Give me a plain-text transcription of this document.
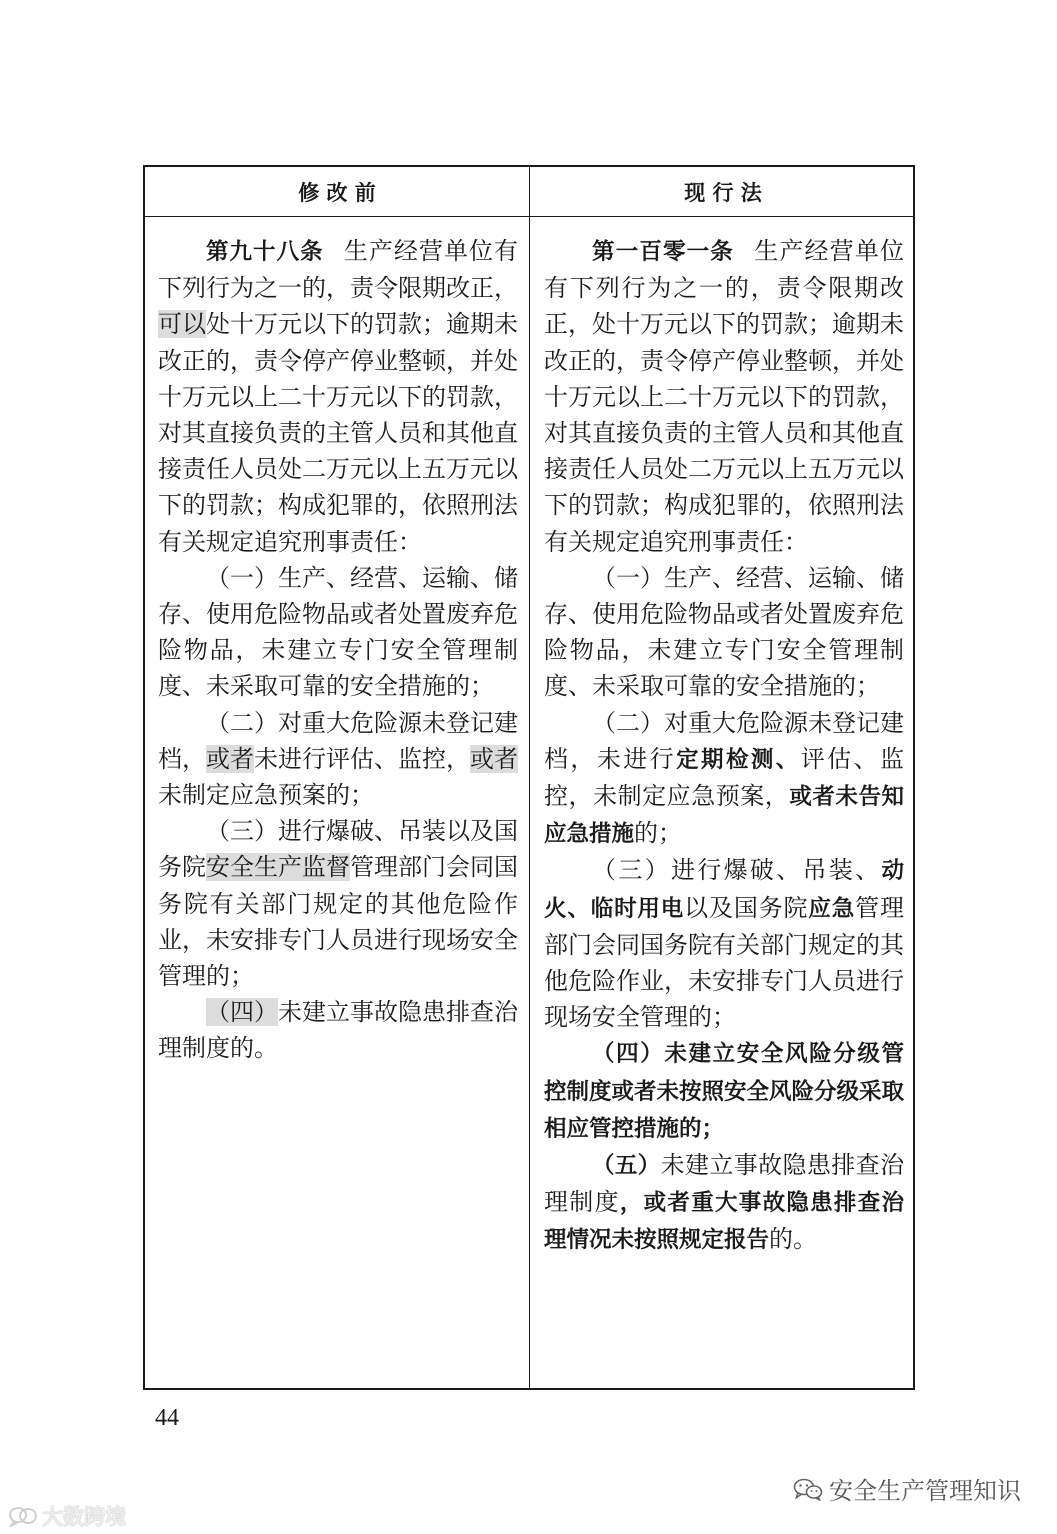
修 改 前	现 行 法

第九十八条 生产经营单位有下列行为之一的，责令限期改正，可以处十万元以下的罚款；逾期未改正的，责令停产停业整顿，并处十万元以上二十万元以下的罚款，对其直接负责的主管人员和其他直接责任人员处二万元以上五万元以下的罚款；构成犯罪的，依照刑法有关规定追究刑事责任：

（一）生产、经营、运输、储存、使用危险物品或者处置废弃危险物品，未建立专门安全管理制度、未采取可靠的安全措施的；

（二）对重大危险源未登记建档，或者未进行评估、监控，或者未制定应急预案的；

（三）进行爆破、吊装以及国务院安全生产监督管理部门会同国务院有关部门规定的其他危险作业，未安排专门人员进行现场安全管理的；

（四）未建立事故隐患排查治理制度的。

第一百零一条 生产经营单位有下列行为之一的，责令限期改正，处十万元以下的罚款；逾期未改正的，责令停产停业整顿，并处十万元以上二十万元以下的罚款，对其直接负责的主管人员和其他直接责任人员处二万元以上五万元以下的罚款；构成犯罪的，依照刑法有关规定追究刑事责任：

（一）生产、经营、运输、储存、使用危险物品或者处置废弃危险物品，未建立专门安全管理制度、未采取可靠的安全措施的；

（二）对重大危险源未登记建档，未进行定期检测、评估、监控，未制定应急预案，或者未告知应急措施的；

（三）进行爆破、吊装、动火、临时用电以及国务院应急管理部门会同国务院有关部门规定的其他危险作业，未安排专门人员进行现场安全管理的；

（四）未建立安全风险分级管控制度或者未按照安全风险分级采取相应管控措施的；

（五）未建立事故隐患排查治理制度，或者重大事故隐患排查治理情况未按照规定报告的。

44
安全生产管理知识
大数跨境
